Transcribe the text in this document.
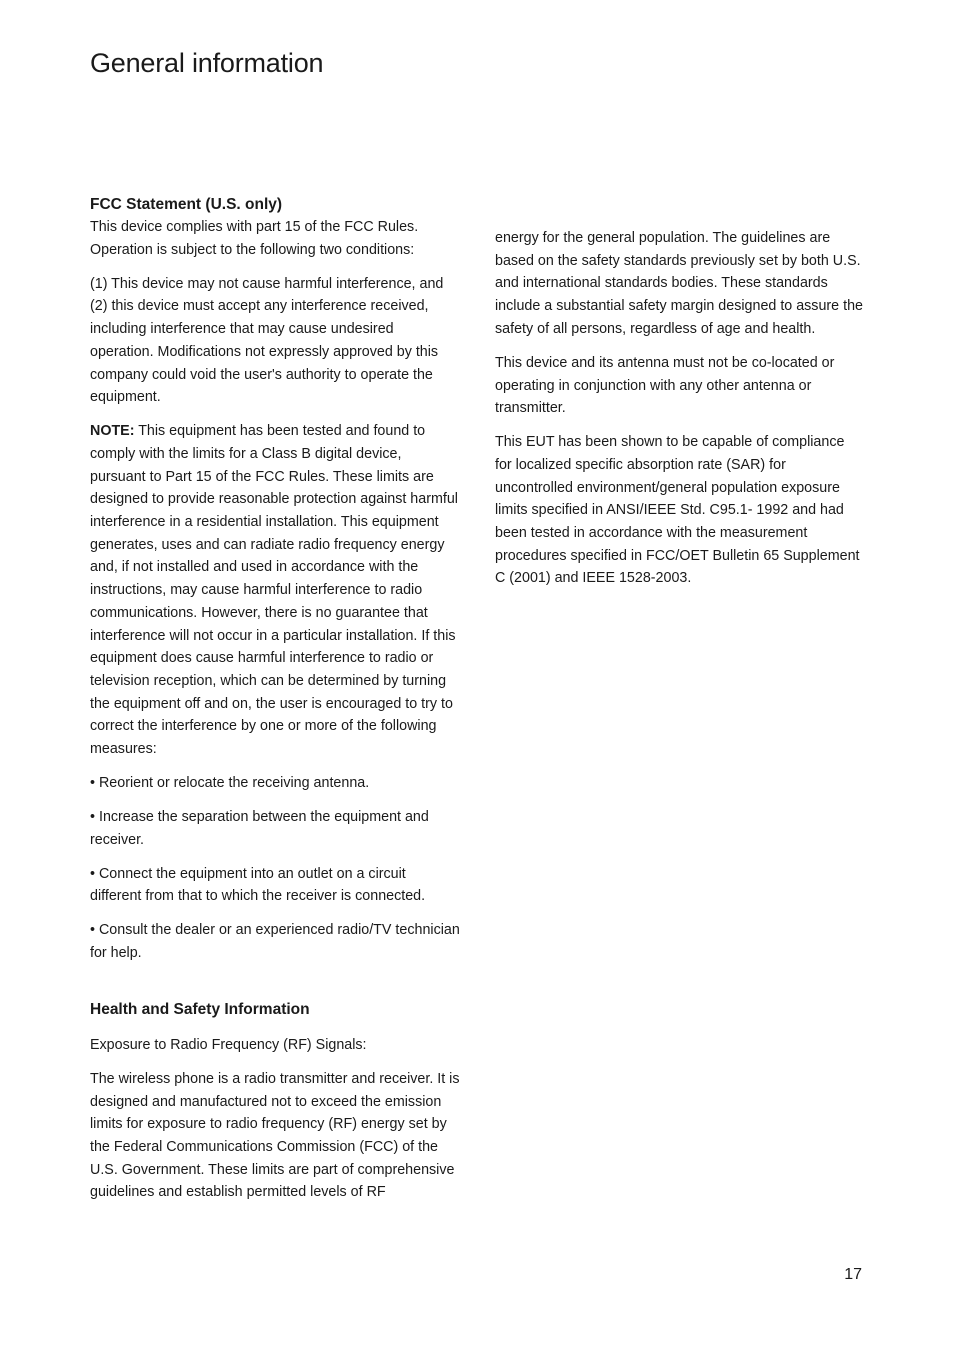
General information
FCC Statement (U.S. only)

This device complies with part 15 of the FCC Rules. Operation is subject to the following two conditions:

(1) This device may not cause harmful interference, and (2) this device must accept any interference received, including interference that may cause undesired operation. Modifications not expressly approved by this company could void the user's authority to operate the equipment.

NOTE: This equipment has been tested and found to comply with the limits for a Class B digital device, pursuant to Part 15 of the FCC Rules. These limits are designed to provide reasonable protection against harmful interference in a residential installation. This equipment generates, uses and can radiate radio frequency energy and, if not installed and used in accordance with the instructions, may cause harmful interference to radio communications. However, there is no guarantee that interference will not occur in a particular installation. If this equipment does cause harmful interference to radio or television reception, which can be determined by turning the equipment off and on, the user is encouraged to try to correct the interference by one or more of the following measures:

• Reorient or relocate the receiving antenna.

• Increase the separation between the equipment and receiver.

• Connect the equipment into an outlet on a circuit different from that to which the receiver is connected.

• Consult the dealer or an experienced radio/TV technician for help.

Health and Safety Information

Exposure to Radio Frequency (RF) Signals:

The wireless phone is a radio transmitter and receiver. It is designed and manufactured not to exceed the emission limits for exposure to radio frequency (RF) energy set by the Federal Communications Commission (FCC) of the U.S. Government. These limits are part of comprehensive guidelines and establish permitted levels of RF

energy for the general population. The guidelines are based on the safety standards previously set by both U.S. and international standards bodies. These standards include a substantial safety margin designed to assure the safety of all persons, regardless of age and health.

This device and its antenna must not be co-located or operating in conjunction with any other antenna or transmitter.

This EUT has been shown to be capable of compliance for localized specific absorption rate (SAR) for uncontrolled environment/general population exposure limits specified in ANSI/IEEE Std. C95.1- 1992 and had been tested in accordance with the measurement procedures specified in FCC/OET Bulletin 65 Supplement C (2001) and IEEE 1528-2003.

17
